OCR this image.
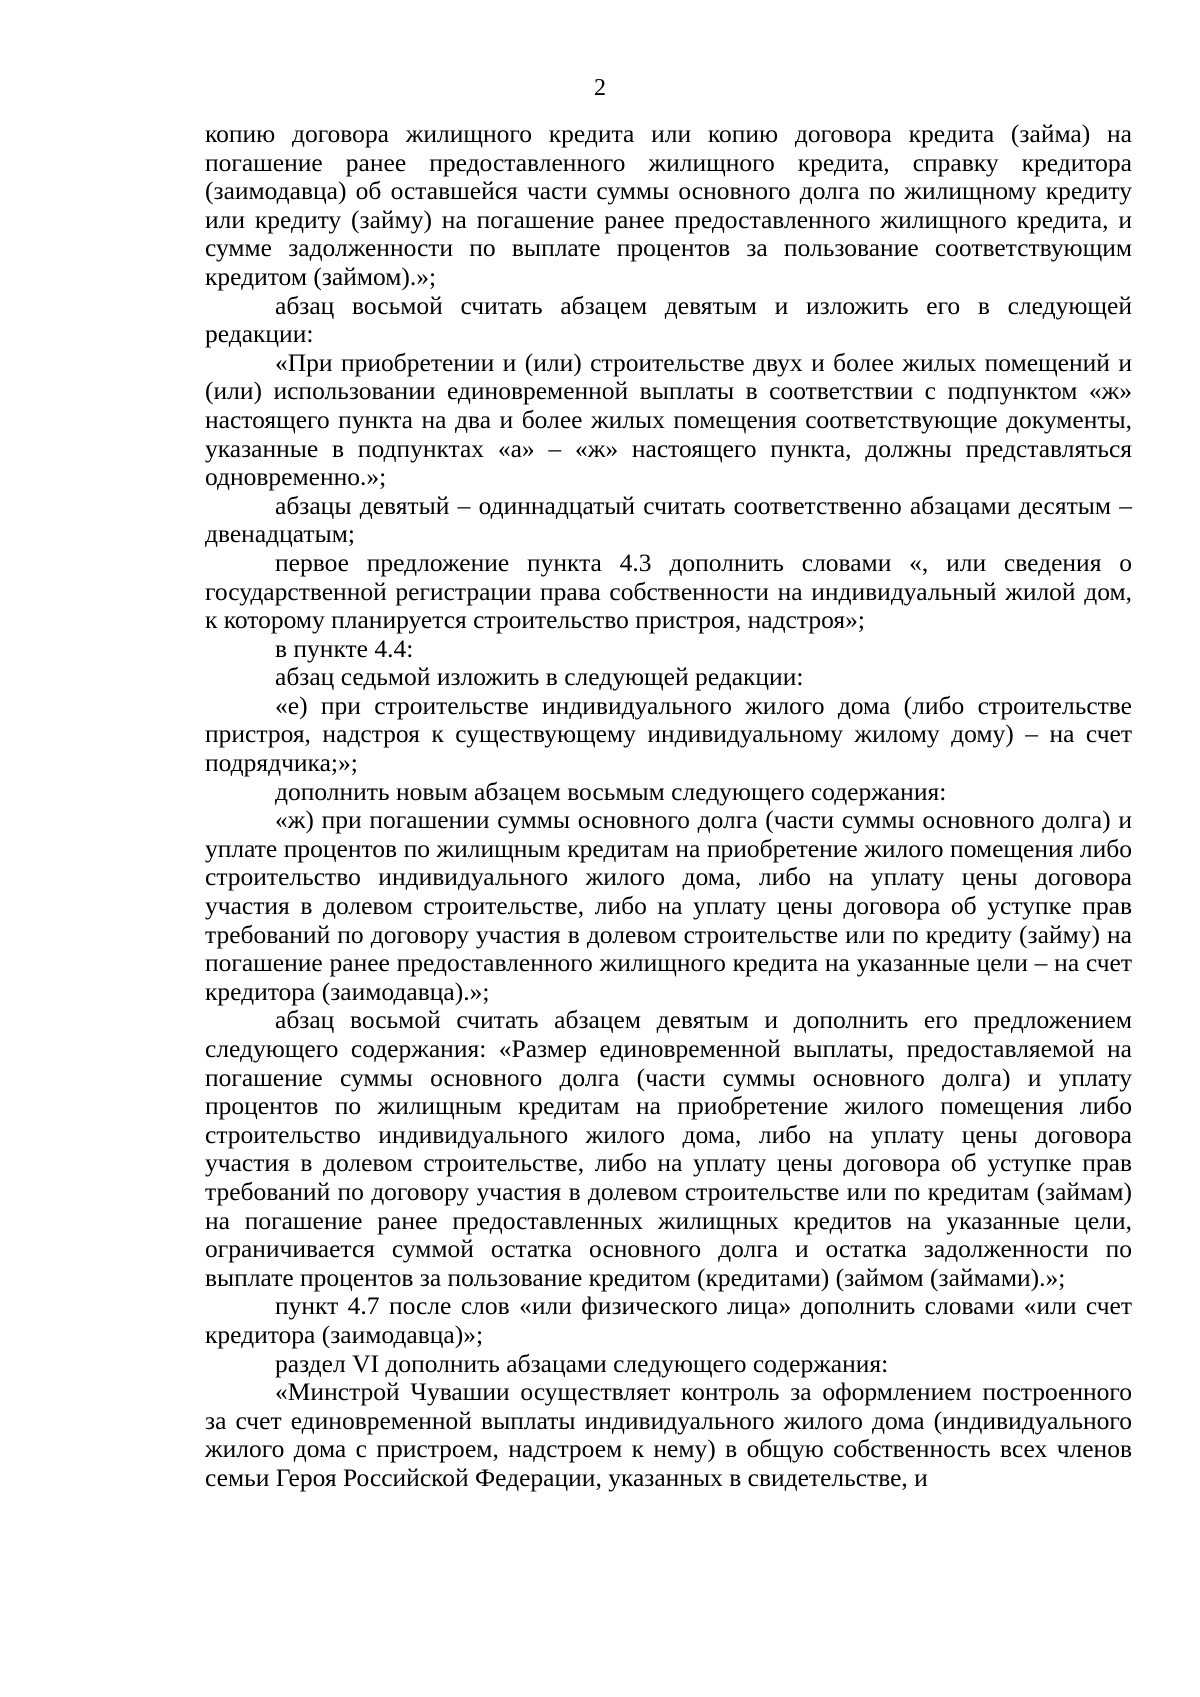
2

копию договора жилищного кредита или копию договора кредита (займа) на погашение ранее предоставленного жилищного кредита, справку кредитора (заимодавца) об оставшейся части суммы основного долга по жилищному кредиту или кредиту (займу) на погашение ранее предоставленного жилищного кредита, и сумме задолженности по выплате процентов за пользование соответствующим кредитом (займом).»;

абзац восьмой считать абзацем девятым и изложить его в следующей редакции:

«При приобретении и (или) строительстве двух и более жилых помещений и (или) использовании единовременной выплаты в соответствии с подпунктом «ж» настоящего пункта на два и более жилых помещения соответствующие документы, указанные в подпунктах «а» – «ж» настоящего пункта, должны представляться одновременно.»;

абзацы девятый – одиннадцатый считать соответственно абзацами десятым – двенадцатым;

первое предложение пункта 4.3 дополнить словами «, или сведения о государственной регистрации права собственности на индивидуальный жилой дом, к которому планируется строительство пристроя, надстроя»;

в пункте 4.4:

абзац седьмой изложить в следующей редакции:

«е) при строительстве индивидуального жилого дома (либо строительстве пристроя, надстроя к существующему индивидуальному жилому дому) – на счет подрядчика;»;

дополнить новым абзацем восьмым следующего содержания:

«ж) при погашении суммы основного долга (части суммы основного долга) и уплате процентов по жилищным кредитам на приобретение жилого помещения либо строительство индивидуального жилого дома, либо на уплату цены договора участия в долевом строительстве, либо на уплату цены договора об уступке прав требований по договору участия в долевом строительстве или по кредиту (займу) на погашение ранее предоставленного жилищного кредита на указанные цели – на счет кредитора (заимодавца).»;

абзац восьмой считать абзацем девятым и дополнить его предложением следующего содержания: «Размер единовременной выплаты, предоставляемой на погашение суммы основного долга (части суммы основного долга) и уплату процентов по жилищным кредитам на приобретение жилого помещения либо строительство индивидуального жилого дома, либо на уплату цены договора участия в долевом строительстве, либо на уплату цены договора об уступке прав требований по договору участия в долевом строительстве или по кредитам (займам) на погашение ранее предоставленных жилищных кредитов на указанные цели, ограничивается суммой остатка основного долга и остатка задолженности по выплате процентов за пользование кредитом (кредитами) (займом (займами).»;

пункт 4.7 после слов «или физического лица» дополнить словами «или счет кредитора (заимодавца)»;

раздел VI дополнить абзацами следующего содержания:

«Минстрой Чувашии осуществляет контроль за оформлением построенного за счет единовременной выплаты индивидуального жилого дома (индивидуального жилого дома с пристроем, надстроем к нему) в общую собственность всех членов семьи Героя Российской Федерации, указанных в свидетельстве, и
